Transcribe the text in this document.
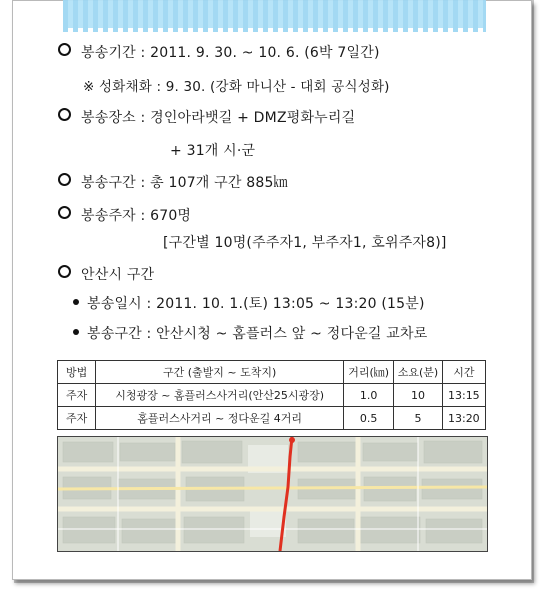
봉송기간 : 2011. 9. 30. ~ 10. 6. (6박 7일간)
※ 성화채화 : 9. 30. (강화 마니산 - 대회 공식성화)
봉송장소 : 경인아라뱃길 + DMZ평화누리길
+ 31개 시·군
봉송구간 : 총 107개 구간 885㎞
봉송주자 : 670명
[구간별 10명(주주자1, 부주자1, 호위주자8)]
안산시 구간
봉송일시 : 2011. 10. 1.(토) 13:05 ~ 13:20 (15분)
봉송구간 : 안산시청 ~ 홈플러스 앞 ~ 정다운길 교차로
방법	구간 (출발지 ~ 도착지)	거리(㎞)	소요(분)	시간
주자	시청광장 ~ 홈플러스사거리(안산25시광장)	1.0	10	13:15
주자	홈플러스사거리 ~ 정다운길 4거리	0.5	5	13:20
